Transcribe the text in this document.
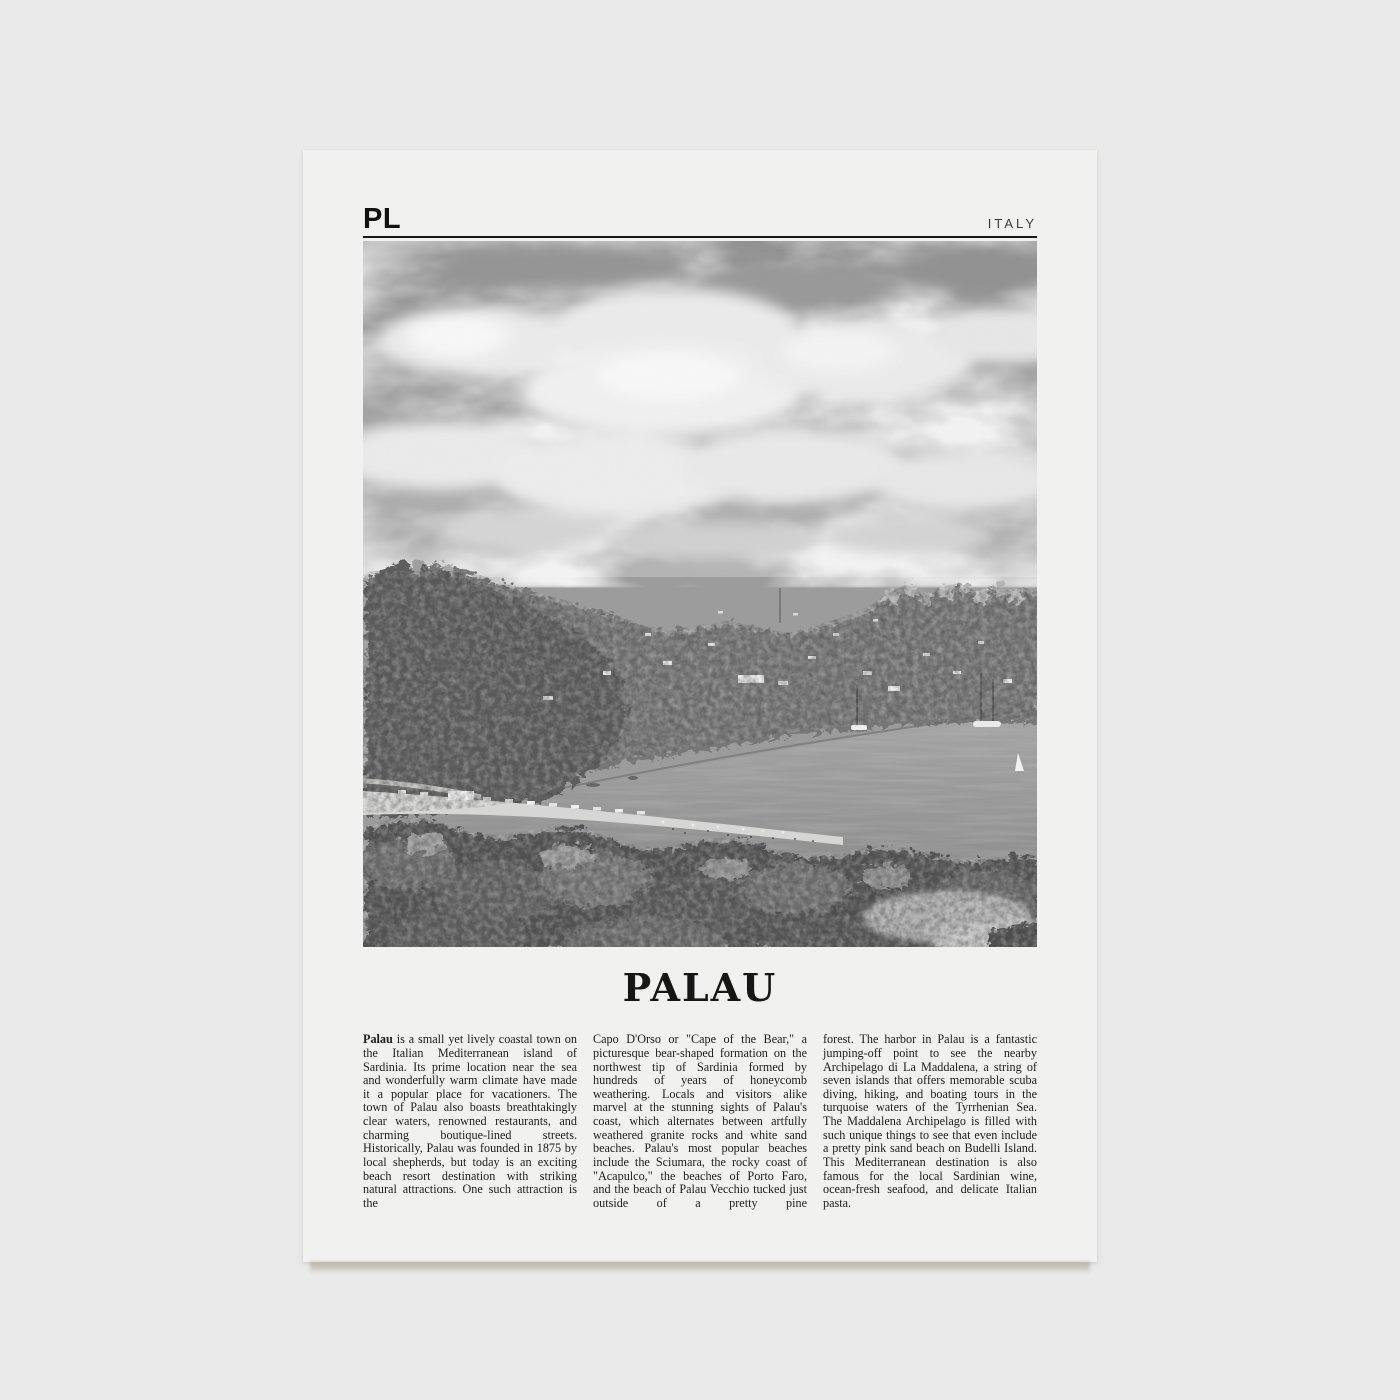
PL	ITALY
PALAU
Palau is a small yet lively coastal town on the Italian Mediterranean island of Sardinia. Its prime location near the sea and wonderfully warm climate have made it a popular place for vacationers. The town of Palau also boasts breathtakingly clear waters, renowned restaurants, and charming boutique-lined streets. Historically, Palau was founded in 1875 by local shepherds, but today is an exciting beach resort destination with striking natural attractions. One such attraction is the
Capo D'Orso or "Cape of the Bear," a picturesque bear-shaped formation on the northwest tip of Sardinia formed by hundreds of years of honeycomb weathering. Locals and visitors alike marvel at the stunning sights of Palau's coast, which alternates between artfully weathered granite rocks and white sand beaches. Palau's most popular beaches include the Sciumara, the rocky coast of "Acapulco," the beaches of Porto Faro, and the beach of Palau Vecchio tucked just outside of a pretty pine
forest. The harbor in Palau is a fantastic jumping-off point to see the nearby Archipelago di La Maddalena, a string of seven islands that offers memorable scuba diving, hiking, and boating tours in the turquoise waters of the Tyrrhenian Sea. The Maddalena Archipelago is filled with such unique things to see that even include a pretty pink sand beach on Budelli Island. This Mediterranean destination is also famous for the local Sardinian wine, ocean-fresh seafood, and delicate Italian pasta.
